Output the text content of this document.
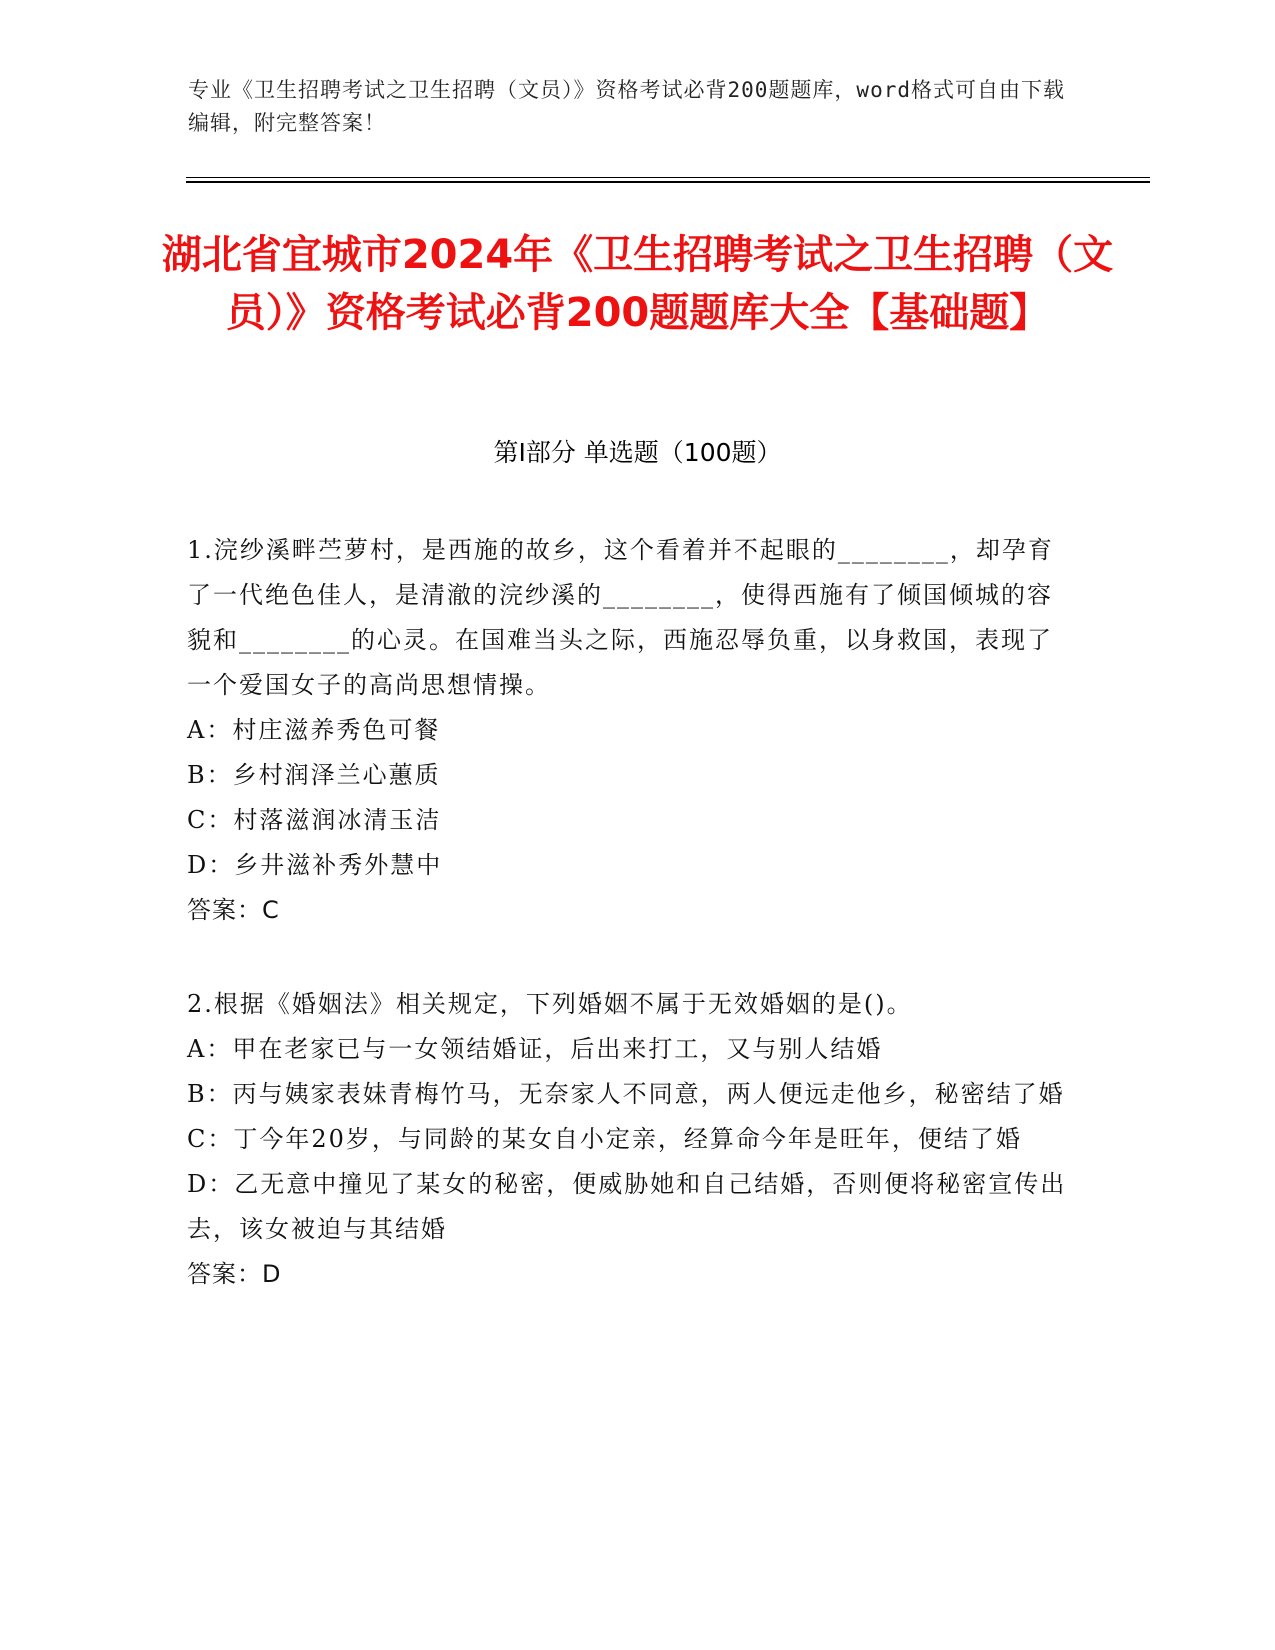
专业《卫生招聘考试之卫生招聘（文员）》资格考试必背200题题库，word格式可自由下载编辑，附完整答案！
湖北省宜城市2024年《卫生招聘考试之卫生招聘（文员）》资格考试必背200题题库大全【基础题】
第Ⅰ部分 单选题（100题）
1.浣纱溪畔苎萝村，是西施的故乡，这个看着并不起眼的________，却孕育了一代绝色佳人，是清澈的浣纱溪的________，使得西施有了倾国倾城的容貌和________的心灵。在国难当头之际，西施忍辱负重，以身救国，表现了一个爱国女子的高尚思想情操。
A：村庄滋养秀色可餐
B：乡村润泽兰心蕙质
C：村落滋润冰清玉洁
D：乡井滋补秀外慧中
答案：C
2.根据《婚姻法》相关规定，下列婚姻不属于无效婚姻的是()。
A：甲在老家已与一女领结婚证，后出来打工，又与别人结婚
B：丙与姨家表妹青梅竹马，无奈家人不同意，两人便远走他乡，秘密结了婚
C：丁今年20岁，与同龄的某女自小定亲，经算命今年是旺年，便结了婚
D：乙无意中撞见了某女的秘密，便威胁她和自己结婚，否则便将秘密宣传出去，该女被迫与其结婚
答案：D
